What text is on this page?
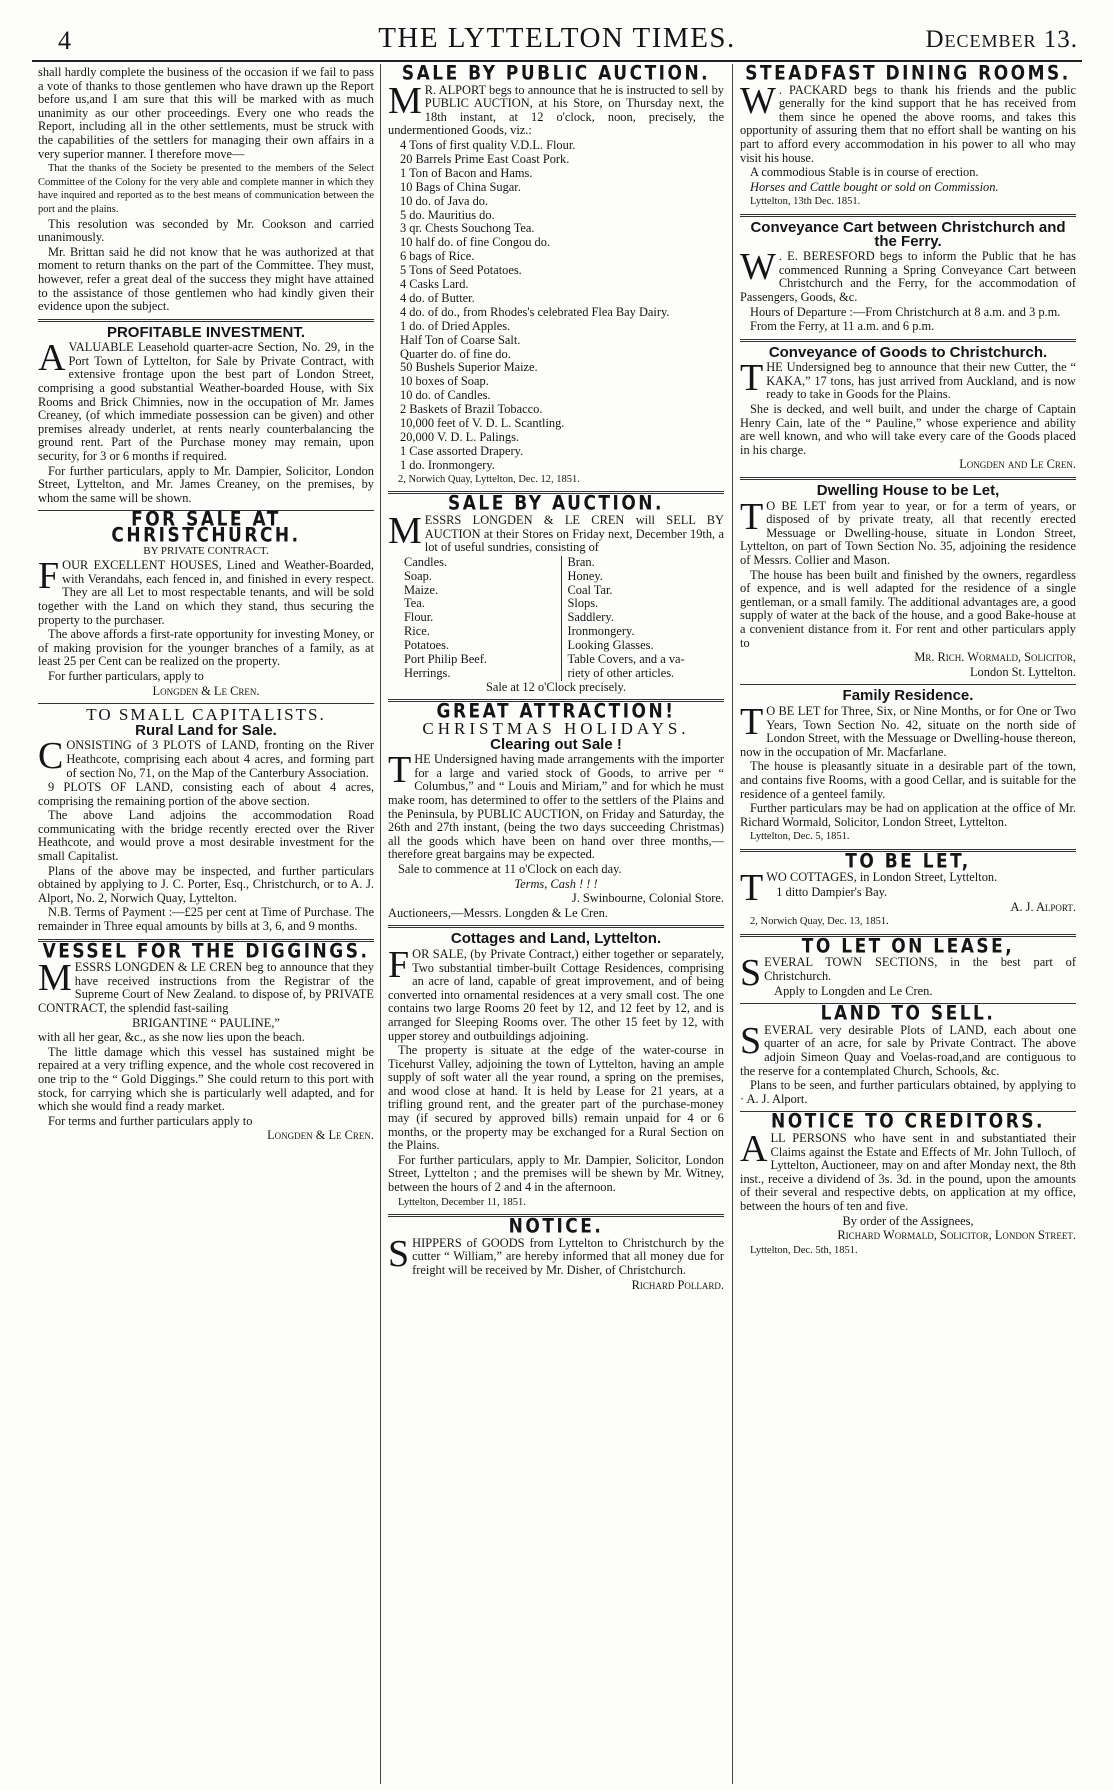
4	THE LYTTELTON TIMES.	December 13.

shall hardly complete the business of the occasion if we fail to pass a vote of thanks to those gentlemen who have drawn up the Report before us,and I am sure that this will be marked with as much unanimity as our other proceedings. Every one who reads the Report, including all in the other settlements, must be struck with the capabilities of the settlers for managing their own affairs in a very superior manner. I therefore move—

That the thanks of the Society be presented to the members of the Select Committee of the Colony for the very able and complete manner in which they have inquired and reported as to the best means of communication between the port and the plains.

This resolution was seconded by Mr. Cookson and carried unanimously.

Mr. Brittan said he did not know that he was authorized at that moment to return thanks on the part of the Committee. They must, however, refer a great deal of the success they might have attained to the assistance of those gentlemen who had kindly given their evidence upon the subject.

PROFITABLE INVESTMENT.

AVALUABLE Leasehold quarter-acre Section, No. 29, in the Port Town of Lyttelton, for Sale by Private Contract, with extensive frontage upon the best part of London Street, comprising a good substantial Weather-boarded House, with Six Rooms and Brick Chimnies, now in the occupation of Mr. James Creaney, (of which immediate possession can be given) and other premises already underlet, at rents nearly counterbalancing the ground rent. Part of the Purchase money may remain, upon security, for 3 or 6 months if required.

For further particulars, apply to Mr. Dampier, Solicitor, London Street, Lyttelton, and Mr. James Creaney, on the premises, by whom the same will be shown.

FOR SALE AT CHRISTCHURCH.

BY PRIVATE CONTRACT.

FOUR EXCELLENT HOUSES, Lined and Weather-Boarded, with Verandahs, each fenced in, and finished in every respect. They are all Let to most respectable tenants, and will be sold together with the Land on which they stand, thus securing the property to the purchaser.

The above affords a first-rate opportunity for investing Money, or of making provision for the younger branches of a family, as at least 25 per Cent can be realized on the property.

For further particulars, apply to

Longden & Le Cren.

TO SMALL CAPITALISTS.
Rural Land for Sale.

CONSISTING of 3 PLOTS of LAND, fronting on the River Heathcote, comprising each about 4 acres, and forming part of section No, 71, on the Map of the Canterbury Association.

9 PLOTS OF LAND, consisting each of about 4 acres, comprising the remaining portion of the above section.

The above Land adjoins the accommodation Road communicating with the bridge recently erected over the River Heathcote, and would prove a most desirable investment for the small Capitalist.

Plans of the above may be inspected, and further particulars obtained by applying to J. C. Porter, Esq., Christchurch, or to A. J. Alport, No. 2, Norwich Quay, Lyttelton.

N.B. Terms of Payment :—£25 per cent at Time of Purchase. The remainder in Three equal amounts by bills at 3, 6, and 9 months.

VESSEL FOR THE DIGGINGS.

MESSRS LONGDEN & LE CREN beg to announce that they have received instructions from the Registrar of the Supreme Court of New Zealand. to dispose of, by PRIVATE CONTRACT, the splendid fast-sailing

BRIGANTINE “ PAULINE,”

with all her gear, &c., as she now lies upon the beach.

The little damage which this vessel has sustained might be repaired at a very trifling expence, and the whole cost recovered in one trip to the “ Gold Diggings.” She could return to this port with stock, for carrying which she is particularly well adapted, and for which she would find a ready market.

For terms and further particulars apply to

Longden & Le Cren.

SALE BY PUBLIC AUCTION.

M R. ALPORT begs to announce that he is instructed to sell by PUBLIC AUCTION, at his Store, on Thursday next, the 18th instant, at 12 o'clock, noon, precisely, the undermentioned Goods, viz.:

4 Tons of first quality V.D.L. Flour.
20 Barrels Prime East Coast Pork.
1 Ton of Bacon and Hams.
10 Bags of China Sugar.
10 do. of Java do.
5 do. Mauritius do.
3 qr. Chests Souchong Tea.
10 half do. of fine Congou do.
6 bags of Rice.
5 Tons of Seed Potatoes.
4 Casks Lard.
4 do. of Butter.
4 do. of do., from Rhodes's celebrated Flea Bay Dairy.
1 do. of Dried Apples.
Half Ton of Coarse Salt.
Quarter do. of fine do.
50 Bushels Superior Maize.
10 boxes of Soap.
10 do. of Candles.
2 Baskets of Brazil Tobacco.
10,000 feet of V. D. L. Scantling.
20,000 V. D. L. Palings.
1 Case assorted Drapery.
1 do. Ironmongery.

2, Norwich Quay, Lyttelton, Dec. 12, 1851.

SALE BY AUCTION.

MESSRS LONGDEN & LE CREN will SELL BY AUCTION at their Stores on Friday next, December 19th, a lot of useful sundries, consisting of

Candles.
Soap.
Maize.
Tea.
Flour.
Rice.
Potatoes.
Port Philip Beef.
Herrings.
Bran.
Honey.
Coal Tar.
Slops.
Saddlery.
Ironmongery.
Looking Glasses.
Table Covers, and a va-
riety of other articles.

Sale at 12 o'Clock precisely.

GREAT ATTRACTION!
CHRISTMAS HOLIDAYS.
Clearing out Sale !

THE Undersigned having made arrangements with the importer for a large and varied stock of Goods, to arrive per “ Columbus,” and “ Louis and Miriam,” and for which he must make room, has determined to offer to the settlers of the Plains and the Peninsula, by PUBLIC AUCTION, on Friday and Saturday, the 26th and 27th instant, (being the two days succeeding Christmas) all the goods which have been on hand over three months,— therefore great bargains may be expected.

Sale to commence at 11 o'Clock on each day.

Terms, Cash ! ! !

J. Swinbourne, Colonial Store.

Auctioneers,—Messrs. Longden & Le Cren.

Cottages and Land, Lyttelton.

FOR SALE, (by Private Contract,) either together or separately, Two substantial timber-built Cottage Residences, comprising an acre of land, capable of great improvement, and of being converted into ornamental residences at a very small cost. The one contains two large Rooms 20 feet by 12, and 12 feet by 12, and is arranged for Sleeping Rooms over. The other 15 feet by 12, with upper storey and outbuildings adjoining.

The property is situate at the edge of the water-course in Ticehurst Valley, adjoining the town of Lyttelton, having an ample supply of soft water all the year round, a spring on the premises, and wood close at hand. It is held by Lease for 21 years, at a trifling ground rent, and the greater part of the purchase-money may (if secured by approved bills) remain unpaid for 4 or 6 months, or the property may be exchanged for a Rural Section on the Plains.

For further particulars, apply to Mr. Dampier, Solicitor, London Street, Lyttelton ; and the premises will be shewn by Mr. Witney, between the hours of 2 and 4 in the afternoon.

Lyttelton, December 11, 1851.

NOTICE.

SHIPPERS of GOODS from Lyttelton to Christchurch by the cutter “ William,” are hereby informed that all money due for freight will be received by Mr. Disher, of Christchurch.

Richard Pollard.

STEADFAST DINING ROOMS.

W . PACKARD begs to thank his friends and the public generally for the kind support that he has received from them since he opened the above rooms, and takes this opportunity of assuring them that no effort shall be wanting on his part to afford every accommodation in his power to all who may visit his house.

A commodious Stable is in course of erection.

Horses and Cattle bought or sold on Commission.

Lyttelton, 13th Dec. 1851.

Conveyance Cart between Christchurch and the Ferry.

W . E. BERESFORD begs to inform the Public that he has commenced Running a Spring Conveyance Cart between Christchurch and the Ferry, for the accommodation of Passengers, Goods, &c.

Hours of Departure :—From Christchurch at 8 a.m. and 3 p.m.

From the Ferry, at 11 a.m. and 6 p.m.

Conveyance of Goods to Christchurch.

THE Undersigned beg to announce that their new Cutter, the “ KAKA,” 17 tons, has just arrived from Auckland, and is now ready to take in Goods for the Plains.

She is decked, and well built, and under the charge of Captain Henry Cain, late of the “ Pauline,” whose experience and ability are well known, and who will take every care of the Goods placed in his charge.

Longden and Le Cren.

Dwelling House to be Let,

T O BE LET from year to year, or for a term of years, or disposed of by private treaty, all that recently erected Messuage or Dwelling-house, situate in London Street, Lyttelton, on part of Town Section No. 35, adjoining the residence of Messrs. Collier and Mason.

The house has been built and finished by the owners, regardless of expence, and is well adapted for the residence of a single gentleman, or a small family. The additional advantages are, a good supply of water at the back of the house, and a good Bake-house at a convenient distance from it. For rent and other particulars apply to

Mr. Rich. Wormald, Solicitor,

London St. Lyttelton.

Family Residence.

T O BE LET for Three, Six, or Nine Months, or for One or Two Years, Town Section No. 42, situate on the north side of London Street, with the Messuage or Dwelling-house thereon, now in the occupation of Mr. Macfarlane.

The house is pleasantly situate in a desirable part of the town, and contains five Rooms, with a good Cellar, and is suitable for the residence of a genteel family.

Further particulars may be had on application at the office of Mr. Richard Wormald, Solicitor, London Street, Lyttelton.

Lyttelton, Dec. 5, 1851.

TO BE LET,

TWO COTTAGES, in London Street, Lyttelton.

1 ditto Dampier's Bay.

A. J. Alport.

2, Norwich Quay, Dec. 13, 1851.

TO LET ON LEASE,

SEVERAL TOWN SECTIONS, in the best part of Christchurch.

Apply to Longden and Le Cren.

LAND TO SELL.

SEVERAL very desirable Plots of LAND, each about one quarter of an acre, for sale by Private Contract. The above adjoin Simeon Quay and Voelas-road,and are contiguous to the reserve for a contemplated Church, Schools, &c.

Plans to be seen, and further particulars obtained, by applying to · A. J. Alport.

NOTICE TO CREDITORS.

ALL PERSONS who have sent in and substantiated their Claims against the Estate and Effects of Mr. John Tulloch, of Lyttelton, Auctioneer, may on and after Monday next, the 8th inst., receive a dividend of 3s. 3d. in the pound, upon the amounts of their several and respective debts, on application at my office, between the hours of ten and five.

By order of the Assignees,

Richard Wormald, Solicitor, London Street.

Lyttelton, Dec. 5th, 1851.
